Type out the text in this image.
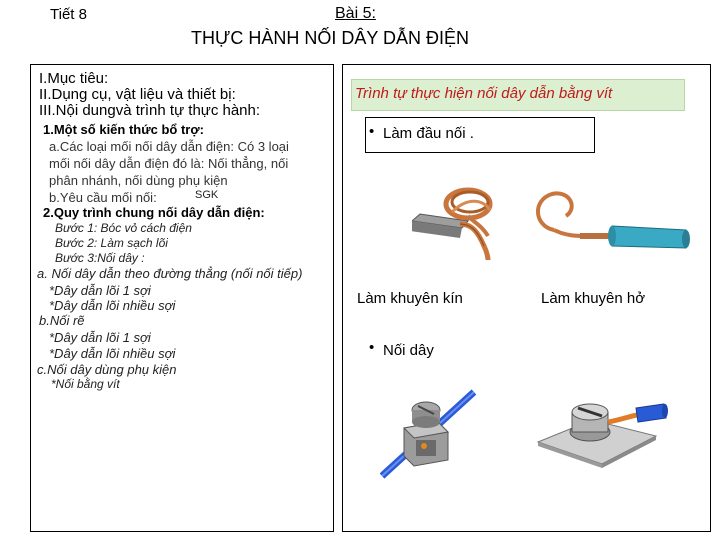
Tiết 8	Bài 5:
THỰC HÀNH NỐI DÂY DẪN ĐIỆN
I.Mục tiêu:
II.Dụng cụ, vật liệu và thiết bị:
III.Nội dungvà trình tự thực hành:
1.Một số kiến thức bổ trợ:
a.Các loại mối nối dây dẫn điện: Có 3 loại
mối nối dây dẫn điện đó là: Nối thẳng, nối
phân nhánh, nối dùng phụ kiện
b.Yêu cầu mối nối:	SGK
2.Quy trình chung nối dây dẫn điện:
Bước 1: Bóc vỏ cách điện
Bước 2: Làm sạch lõi
Bước 3:Nối dây :
a. Nối dây dẫn theo đường thẳng (nối nối tiếp)
*Dây dẫn lõi 1 sợi
*Dây dẫn lõi nhiều sợi
b.Nối rẽ
*Dây dẫn lõi 1 sợi
*Dây dẫn lõi nhiều sợi
c.Nối dây dùng phụ kiện
*Nối bằng vít
Trình tự thực hiện nối dây dẫn bằng vít
• Làm đầu nối .
Làm khuyên kín	Làm khuyên hở
• Nối dây
